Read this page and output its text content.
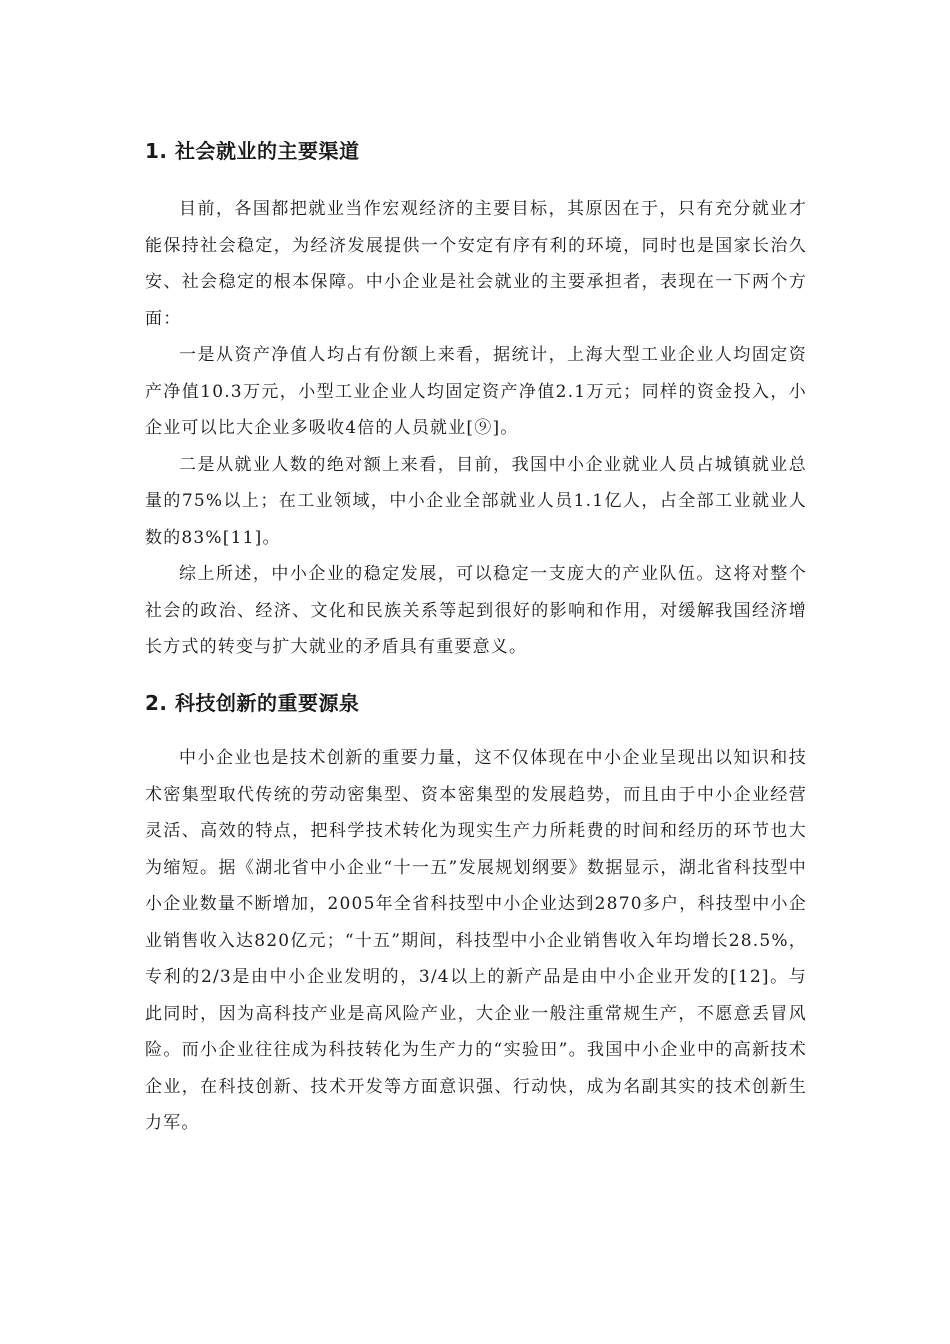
1. 社会就业的主要渠道

目前，各国都把就业当作宏观经济的主要目标，其原因在于，只有充分就业才能保持社会稳定，为经济发展提供一个安定有序有利的环境，同时也是国家长治久安、社会稳定的根本保障。中小企业是社会就业的主要承担者，表现在一下两个方面：

一是从资产净值人均占有份额上来看，据统计，上海大型工业企业人均固定资产净值10.3万元，小型工业企业人均固定资产净值2.1万元；同样的资金投入，小企业可以比大企业多吸收4倍的人员就业[⑨]。

二是从就业人数的绝对额上来看，目前，我国中小企业就业人员占城镇就业总量的75%以上；在工业领域，中小企业全部就业人员1.1亿人，占全部工业就业人数的83%[11]。

综上所述，中小企业的稳定发展，可以稳定一支庞大的产业队伍。这将对整个社会的政治、经济、文化和民族关系等起到很好的影响和作用，对缓解我国经济增长方式的转变与扩大就业的矛盾具有重要意义。

2. 科技创新的重要源泉

中小企业也是技术创新的重要力量，这不仅体现在中小企业呈现出以知识和技术密集型取代传统的劳动密集型、资本密集型的发展趋势，而且由于中小企业经营灵活、高效的特点，把科学技术转化为现实生产力所耗费的时间和经历的环节也大为缩短。据《湖北省中小企业“十一五”发展规划纲要》数据显示，湖北省科技型中小企业数量不断增加，2005年全省科技型中小企业达到2870多户，科技型中小企业销售收入达820亿元；“十五”期间，科技型中小企业销售收入年均增长28.5%，专利的2/3是由中小企业发明的，3/4以上的新产品是由中小企业开发的[12]。与此同时，因为高科技产业是高风险产业，大企业一般注重常规生产，不愿意丢冒风险。而小企业往往成为科技转化为生产力的“实验田”。我国中小企业中的高新技术企业，在科技创新、技术开发等方面意识强、行动快，成为名副其实的技术创新生力军。
